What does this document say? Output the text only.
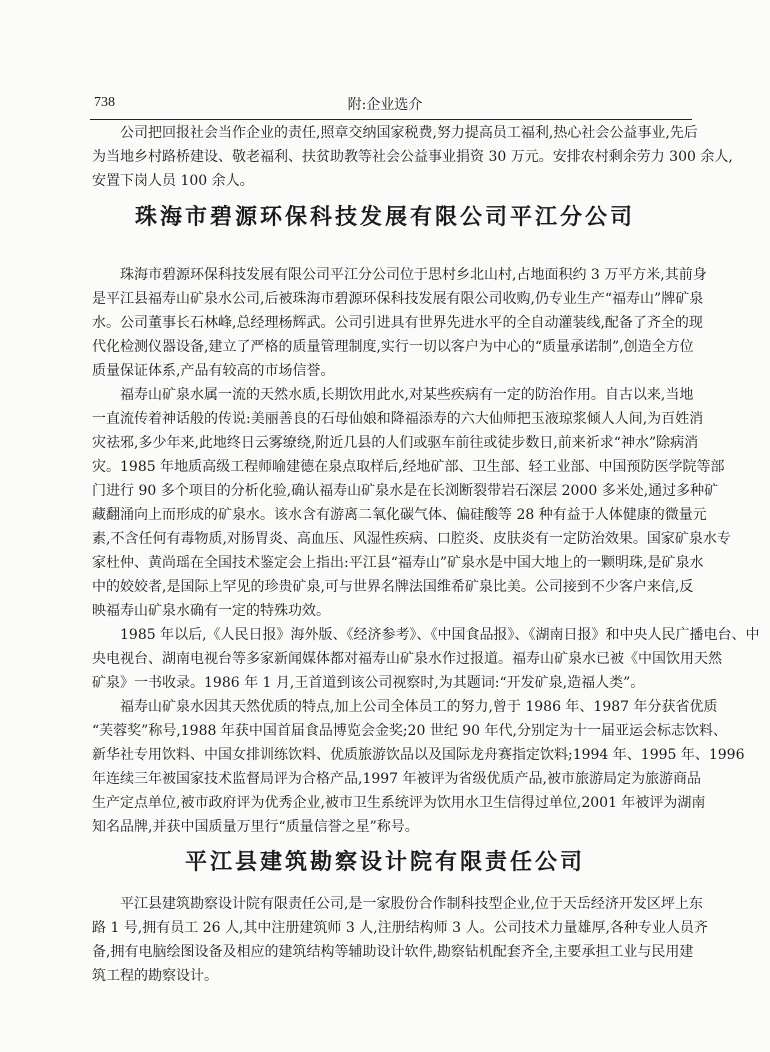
738	附:企业选介
公司把回报社会当作企业的责任,照章交纳国家税费,努力提高员工福利,热心社会公益事业,先后
为当地乡村路桥建设、敬老福利、扶贫助教等社会公益事业捐资 30 万元。安排农村剩余劳力 300 余人,
安置下岗人员 100 余人。
珠海市碧源环保科技发展有限公司平江分公司
珠海市碧源环保科技发展有限公司平江分公司位于思村乡北山村,占地面积约 3 万平方米,其前身
是平江县福寿山矿泉水公司,后被珠海市碧源环保科技发展有限公司收购,仍专业生产“福寿山”牌矿泉
水。公司董事长石林峰,总经理杨辉武。公司引进具有世界先进水平的全自动灌装线,配备了齐全的现
代化检测仪器设备,建立了严格的质量管理制度,实行一切以客户为中心的“质量承诺制”,创造全方位
质量保证体系,产品有较高的市场信誉。
福寿山矿泉水属一流的天然水质,长期饮用此水,对某些疾病有一定的防治作用。自古以来,当地
一直流传着神话般的传说:美丽善良的石母仙娘和降福添寿的六大仙师把玉液琼浆倾人人间,为百姓消
灾祛邪,多少年来,此地终日云雾缭绕,附近几县的人们或驱车前往或徒步数日,前来祈求“神水”除病消
灾。1985 年地质高级工程师喻建德在泉点取样后,经地矿部、卫生部、轻工业部、中国预防医学院等部
门进行 90 多个项目的分析化验,确认福寿山矿泉水是在长浏断裂带岩石深层 2000 多米处,通过多种矿
藏翻涌向上而形成的矿泉水。该水含有游离二氧化碳气体、偏硅酸等 28 种有益于人体健康的微量元
素,不含任何有毒物质,对肠胃炎、高血压、风湿性疾病、口腔炎、皮肤炎有一定防治效果。国家矿泉水专
家杜仲、黄尚瑶在全国技术鉴定会上指出:平江县“福寿山”矿泉水是中国大地上的一颗明珠,是矿泉水
中的姣姣者,是国际上罕见的珍贵矿泉,可与世界名牌法国维希矿泉比美。公司接到不少客户来信,反
映福寿山矿泉水确有一定的特殊功效。
1985 年以后,《人民日报》海外版、《经济参考》、《中国食品报》、《湖南日报》和中央人民广播电台、中
央电视台、湖南电视台等多家新闻媒体都对福寿山矿泉水作过报道。福寿山矿泉水已被《中国饮用天然
矿泉》一书收录。1986 年 1 月,王首道到该公司视察时,为其题词:“开发矿泉,造福人类”。
福寿山矿泉水因其天然优质的特点,加上公司全体员工的努力,曾于 1986 年、1987 年分获省优质
“芙蓉奖”称号,1988 年获中国首届食品博览会金奖;20 世纪 90 年代,分别定为十一届亚运会标志饮料、
新华社专用饮料、中国女排训练饮料、优质旅游饮品以及国际龙舟赛指定饮料;1994 年、1995 年、1996
年连续三年被国家技术监督局评为合格产品,1997 年被评为省级优质产品,被市旅游局定为旅游商品
生产定点单位,被市政府评为优秀企业,被市卫生系统评为饮用水卫生信得过单位,2001 年被评为湖南
知名品牌,并获中国质量万里行“质量信誉之星”称号。
平江县建筑勘察设计院有限责任公司
平江县建筑勘察设计院有限责任公司,是一家股份合作制科技型企业,位于天岳经济开发区坪上东
路 1 号,拥有员工 26 人,其中注册建筑师 3 人,注册结构师 3 人。公司技术力量雄厚,各种专业人员齐
备,拥有电脑绘图设备及相应的建筑结构等辅助设计软件,勘察钻机配套齐全,主要承担工业与民用建
筑工程的勘察设计。
